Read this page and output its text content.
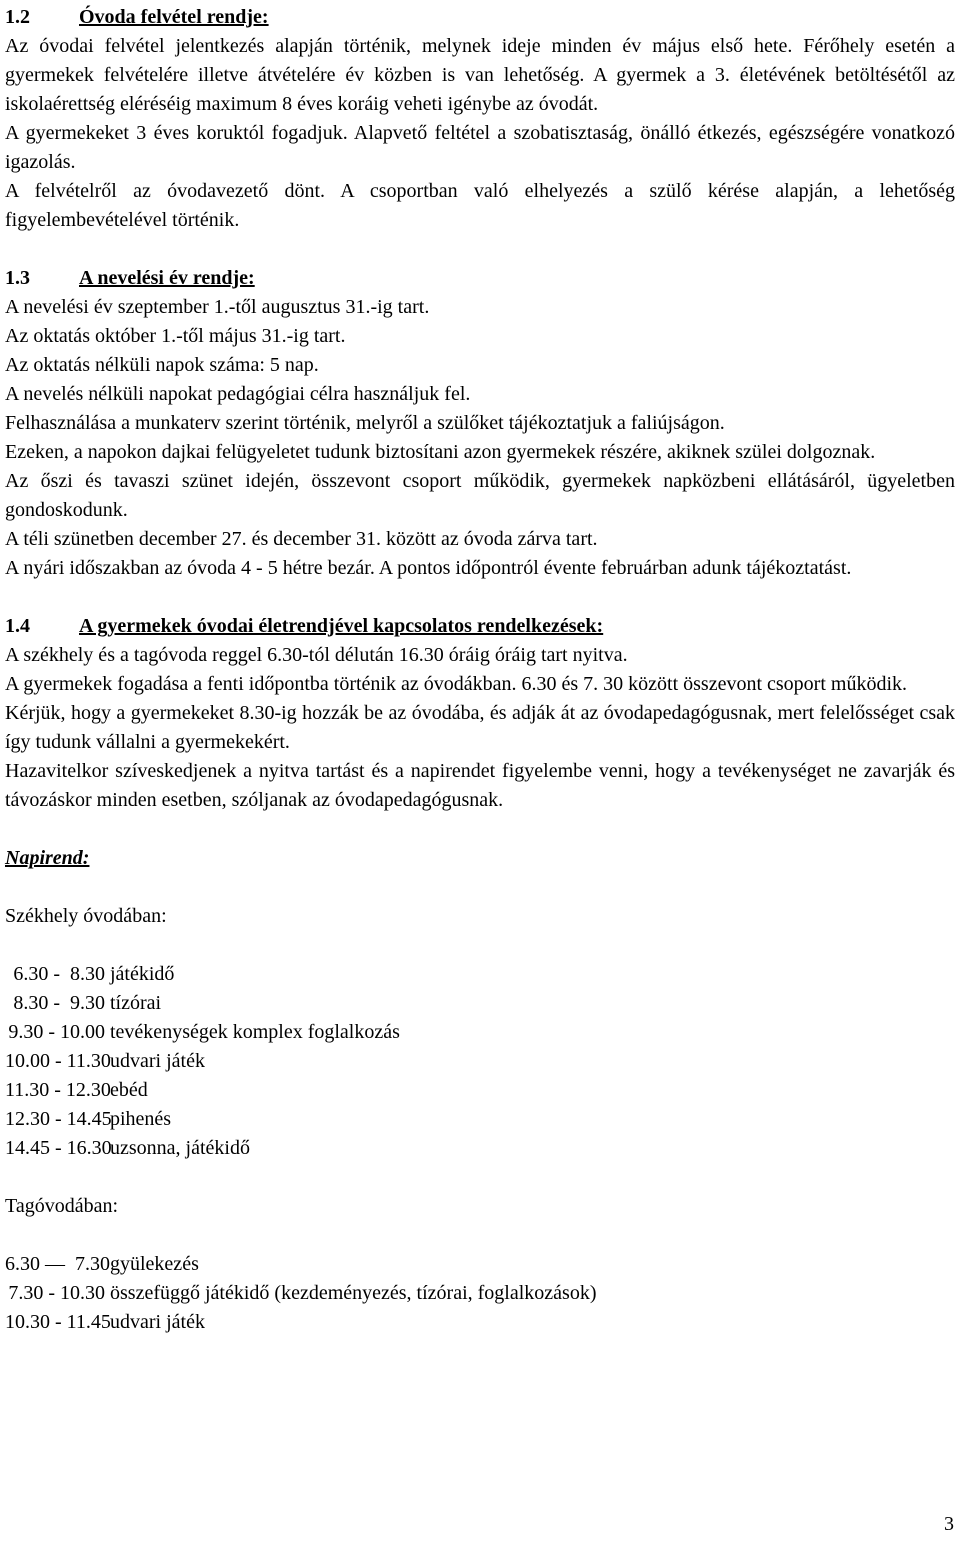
1.2 Óvoda felvétel rendje:

Az óvodai felvétel jelentkezés alapján történik, melynek ideje minden év május első hete. Férőhely esetén a gyermekek felvételére illetve átvételére év közben is van lehetőség. A gyermek a 3. életévének betöltésétől az iskolaérettség eléréséig maximum 8 éves koráig veheti igénybe az óvodát.

A gyermekeket 3 éves koruktól fogadjuk. Alapvető feltétel a szobatisztaság, önálló étkezés, egészségére vonatkozó igazolás.

A felvételről az óvodavezető dönt. A csoportban való elhelyezés a szülő kérése alapján, a lehetőség figyelembevételével történik.

1.3 A nevelési év rendje:

A nevelési év szeptember 1.-től augusztus 31.-ig tart.

Az oktatás október 1.-től május 31.-ig tart.

Az oktatás nélküli napok száma: 5 nap.

A nevelés nélküli napokat pedagógiai célra használjuk fel.

Felhasználása a munkaterv szerint történik, melyről a szülőket tájékoztatjuk a faliújságon.

Ezeken, a napokon dajkai felügyeletet tudunk biztosítani azon gyermekek részére, akiknek szülei dolgoznak.

Az őszi és tavaszi szünet idején, összevont csoport működik, gyermekek napközbeni ellátásáról, ügyeletben gondoskodunk.

A téli szünetben december 27. és december 31. között az óvoda zárva tart.

A nyári időszakban az óvoda 4 - 5 hétre bezár. A pontos időpontról évente februárban adunk tájékoztatást.

1.4 A gyermekek óvodai életrendjével kapcsolatos rendelkezések:

A székhely és a tagóvoda reggel 6.30-tól délután 16.30 óráig óráig tart nyitva.

A gyermekek fogadása a fenti időpontba történik az óvodákban. 6.30 és 7. 30 között összevont csoport működik.

Kérjük, hogy a gyermekeket 8.30-ig hozzák be az óvodába, és adják át az óvodapedagógusnak, mert felelősséget csak így tudunk vállalni a gyermekekért.

Hazavitelkor szíveskedjenek a nyitva tartást és a napirendet figyelembe venni, hogy a tevékenységet ne zavarják és távozáskor minden esetben, szóljanak az óvodapedagógusnak.

Napirend:

Székhely óvodában:

6.30 -  8.30 játékidő

8.30 -  9.30 tízórai

9.30 - 10.00 tevékenységek komplex foglalkozás

10.00 - 11.30 udvari játék

11.30 - 12.30 ebéd

12.30 - 14.45 pihenés

14.45 - 16.30 uzsonna, játékidő

Tagóvodában:

6.30 —  7.30 gyülekezés

7.30 - 10.30 összefüggő játékidő (kezdeményezés, tízórai, foglalkozások)

10.30 - 11.45 udvari játék

3
